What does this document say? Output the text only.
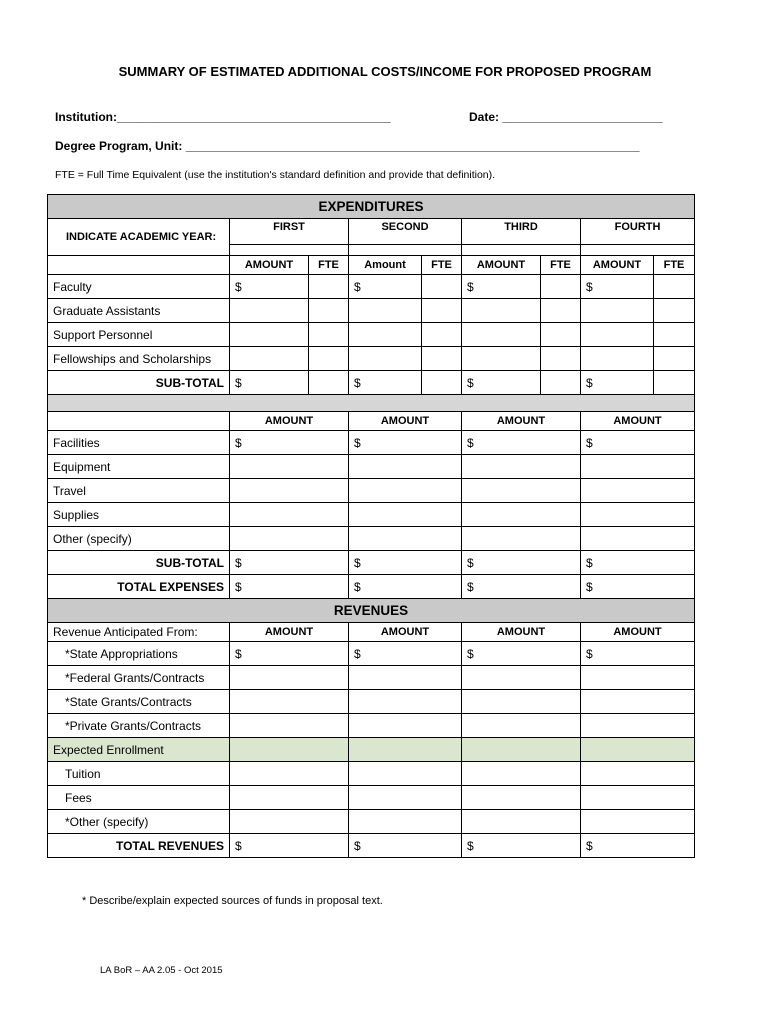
SUMMARY OF ESTIMATED ADDITIONAL COSTS/INCOME FOR PROPOSED PROGRAM
Institution:_________________________________________	Date: ________________________
Degree Program, Unit: ____________________________________________________________________
FTE = Full Time Equivalent (use the institution's standard definition and provide that definition).
EXPENDITURES								
INDICATE ACADEMIC YEAR:	FIRST		SECOND		THIRD		FOURTH	

	AMOUNT	FTE	Amount	FTE	AMOUNT	FTE	AMOUNT	FTE
Faculty	$		$		$		$	
Graduate Assistants								
Support Personnel								
Fellowships and Scholarships								
SUB-TOTAL	$		$		$		$	

	AMOUNT		AMOUNT		AMOUNT		AMOUNT	
Facilities	$		$		$		$	
Equipment								
Travel								
Supplies								
Other (specify)								
SUB-TOTAL	$		$		$		$	
TOTAL EXPENSES	$		$		$		$	
REVENUES								
Revenue Anticipated From:	AMOUNT		AMOUNT		AMOUNT		AMOUNT	
*State Appropriations	$		$		$		$	
*Federal Grants/Contracts								
*State Grants/Contracts								
*Private Grants/Contracts								
Expected Enrollment								
Tuition								
Fees								
*Other (specify)								
TOTAL REVENUES	$		$		$		$	
* Describe/explain expected sources of funds in proposal text.
LA BoR – AA 2.05 - Oct 2015
